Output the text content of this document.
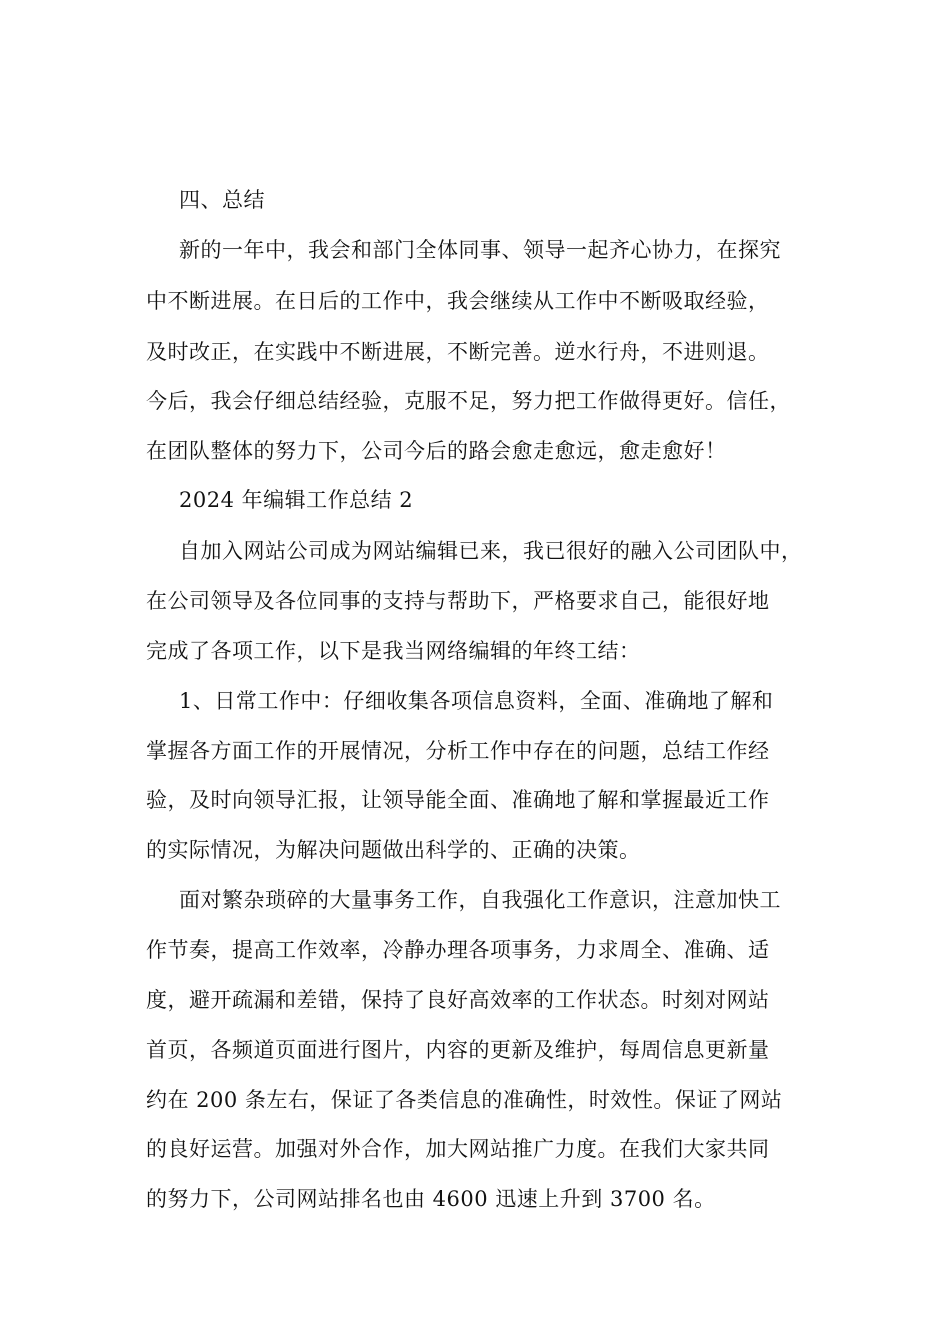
四、总结
新的一年中，我会和部门全体同事、领导一起齐心协力，在探究
中不断进展。在日后的工作中，我会继续从工作中不断吸取经验，
及时改正，在实践中不断进展，不断完善。逆水行舟，不进则退。
今后，我会仔细总结经验，克服不足，努力把工作做得更好。信任，
在团队整体的努力下，公司今后的路会愈走愈远，愈走愈好！
2024 年编辑工作总结 2
自加入网站公司成为网站编辑已来，我已很好的融入公司团队中，
在公司领导及各位同事的支持与帮助下，严格要求自己，能很好地
完成了各项工作，以下是我当网络编辑的年终工结：
1、日常工作中：仔细收集各项信息资料，全面、准确地了解和
掌握各方面工作的开展情况，分析工作中存在的问题，总结工作经
验，及时向领导汇报，让领导能全面、准确地了解和掌握最近工作
的实际情况，为解决问题做出科学的、正确的决策。
面对繁杂琐碎的大量事务工作，自我强化工作意识，注意加快工
作节奏，提高工作效率，冷静办理各项事务，力求周全、准确、适
度，避开疏漏和差错，保持了良好高效率的工作状态。时刻对网站
首页，各频道页面进行图片，内容的更新及维护，每周信息更新量
约在 200 条左右，保证了各类信息的准确性，时效性。保证了网站
的良好运营。加强对外合作，加大网站推广力度。在我们大家共同
的努力下，公司网站排名也由 4600 迅速上升到 3700 名。
